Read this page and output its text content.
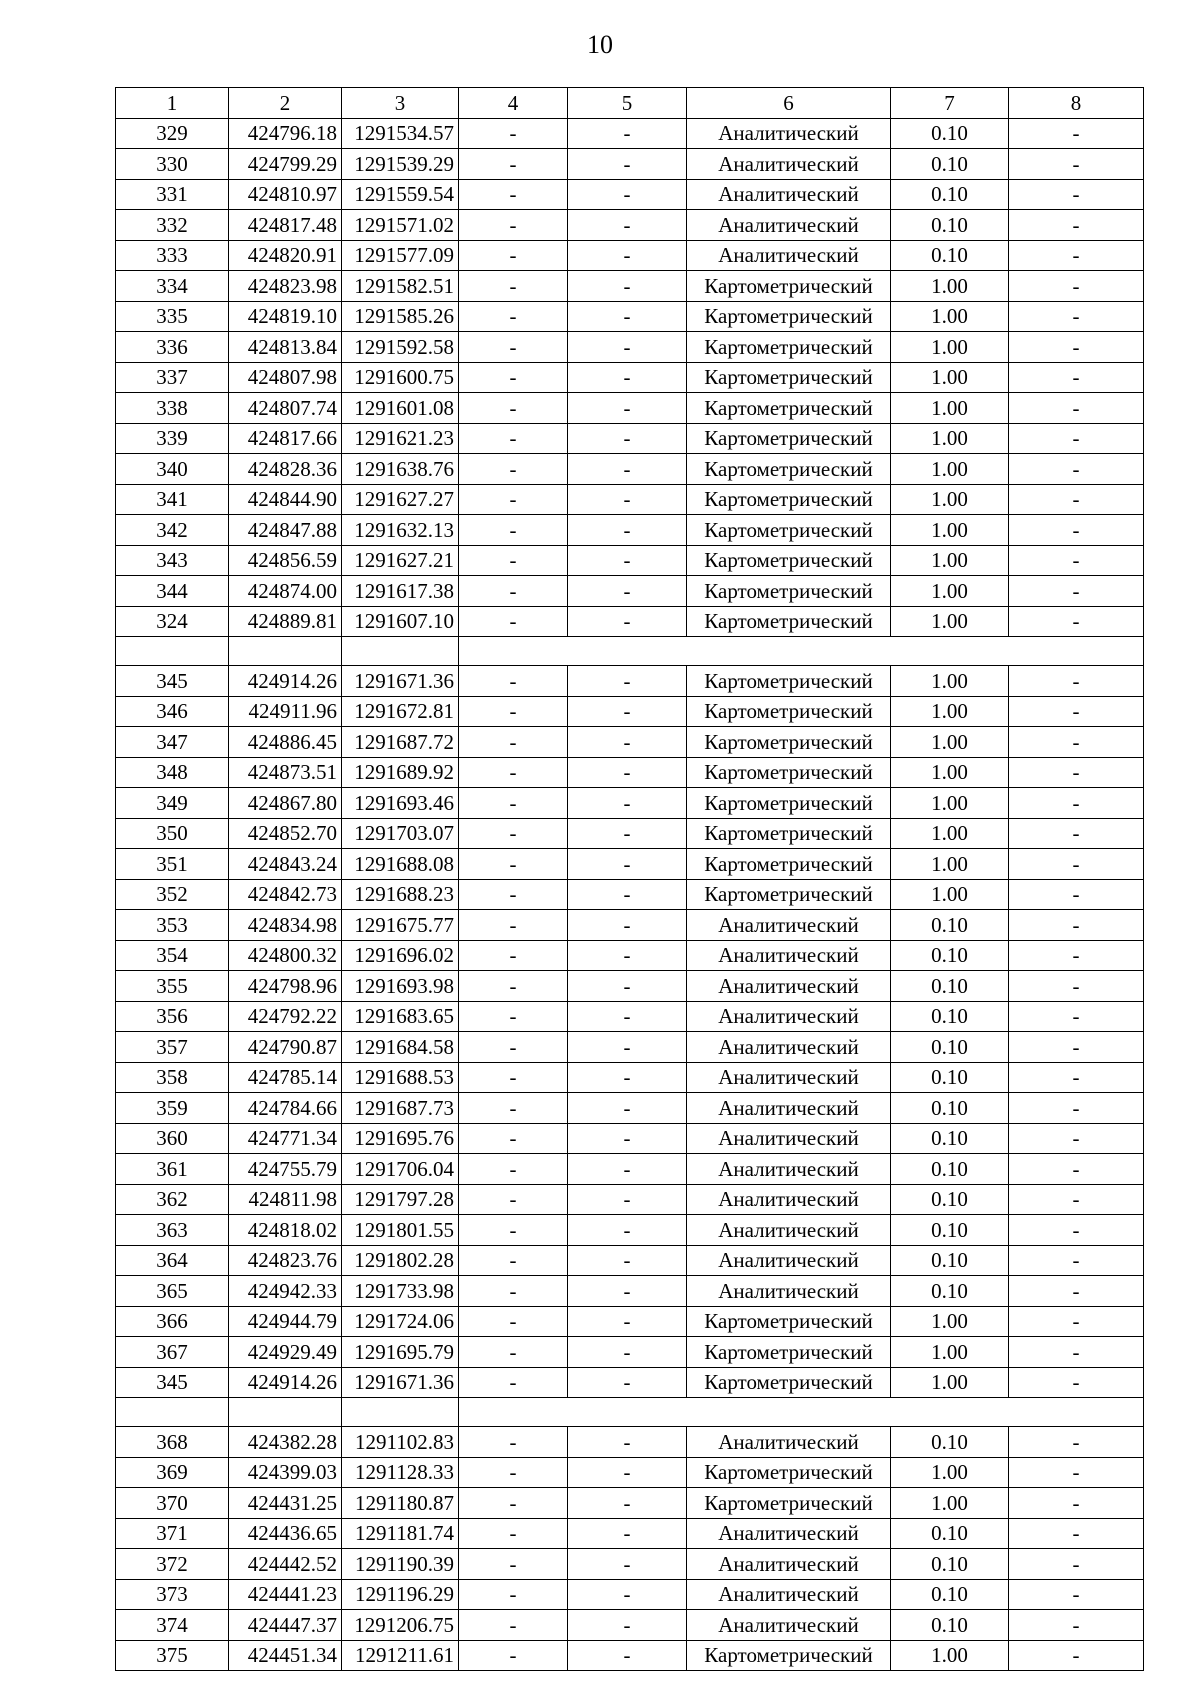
10
1	2	3	4	5	6	7	8
329	424796.18	1291534.57	-	-	Аналитический	0.10	-
330	424799.29	1291539.29	-	-	Аналитический	0.10	-
331	424810.97	1291559.54	-	-	Аналитический	0.10	-
332	424817.48	1291571.02	-	-	Аналитический	0.10	-
333	424820.91	1291577.09	-	-	Аналитический	0.10	-
334	424823.98	1291582.51	-	-	Картометрический	1.00	-
335	424819.10	1291585.26	-	-	Картометрический	1.00	-
336	424813.84	1291592.58	-	-	Картометрический	1.00	-
337	424807.98	1291600.75	-	-	Картометрический	1.00	-
338	424807.74	1291601.08	-	-	Картометрический	1.00	-
339	424817.66	1291621.23	-	-	Картометрический	1.00	-
340	424828.36	1291638.76	-	-	Картометрический	1.00	-
341	424844.90	1291627.27	-	-	Картометрический	1.00	-
342	424847.88	1291632.13	-	-	Картометрический	1.00	-
343	424856.59	1291627.21	-	-	Картометрический	1.00	-
344	424874.00	1291617.38	-	-	Картометрический	1.00	-
324	424889.81	1291607.10	-	-	Картометрический	1.00	-

345	424914.26	1291671.36	-	-	Картометрический	1.00	-
346	424911.96	1291672.81	-	-	Картометрический	1.00	-
347	424886.45	1291687.72	-	-	Картометрический	1.00	-
348	424873.51	1291689.92	-	-	Картометрический	1.00	-
349	424867.80	1291693.46	-	-	Картометрический	1.00	-
350	424852.70	1291703.07	-	-	Картометрический	1.00	-
351	424843.24	1291688.08	-	-	Картометрический	1.00	-
352	424842.73	1291688.23	-	-	Картометрический	1.00	-
353	424834.98	1291675.77	-	-	Аналитический	0.10	-
354	424800.32	1291696.02	-	-	Аналитический	0.10	-
355	424798.96	1291693.98	-	-	Аналитический	0.10	-
356	424792.22	1291683.65	-	-	Аналитический	0.10	-
357	424790.87	1291684.58	-	-	Аналитический	0.10	-
358	424785.14	1291688.53	-	-	Аналитический	0.10	-
359	424784.66	1291687.73	-	-	Аналитический	0.10	-
360	424771.34	1291695.76	-	-	Аналитический	0.10	-
361	424755.79	1291706.04	-	-	Аналитический	0.10	-
362	424811.98	1291797.28	-	-	Аналитический	0.10	-
363	424818.02	1291801.55	-	-	Аналитический	0.10	-
364	424823.76	1291802.28	-	-	Аналитический	0.10	-
365	424942.33	1291733.98	-	-	Аналитический	0.10	-
366	424944.79	1291724.06	-	-	Картометрический	1.00	-
367	424929.49	1291695.79	-	-	Картометрический	1.00	-
345	424914.26	1291671.36	-	-	Картометрический	1.00	-

368	424382.28	1291102.83	-	-	Аналитический	0.10	-
369	424399.03	1291128.33	-	-	Картометрический	1.00	-
370	424431.25	1291180.87	-	-	Картометрический	1.00	-
371	424436.65	1291181.74	-	-	Аналитический	0.10	-
372	424442.52	1291190.39	-	-	Аналитический	0.10	-
373	424441.23	1291196.29	-	-	Аналитический	0.10	-
374	424447.37	1291206.75	-	-	Аналитический	0.10	-
375	424451.34	1291211.61	-	-	Картометрический	1.00	-
